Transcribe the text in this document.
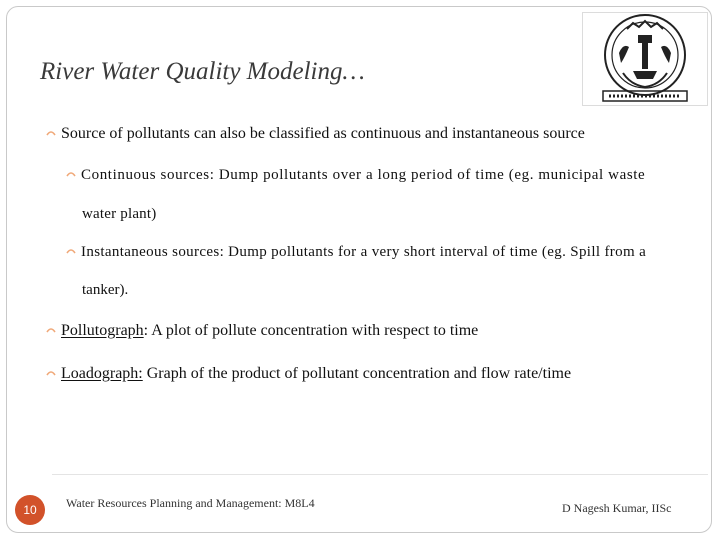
River Water Quality Modeling…
Source of pollutants can also be classified as continuous and instantaneous source
Continuous sources: Dump pollutants over a long period of time (eg. municipal waste
water plant)
Instantaneous sources: Dump pollutants for a very short interval of time (eg. Spill from a
tanker).
Pollutograph: A plot of pollute concentration with respect to time
Loadograph: Graph of the product of pollutant concentration and flow rate/time
10	Water Resources Planning and Management: M8L4	D Nagesh Kumar, IISc
